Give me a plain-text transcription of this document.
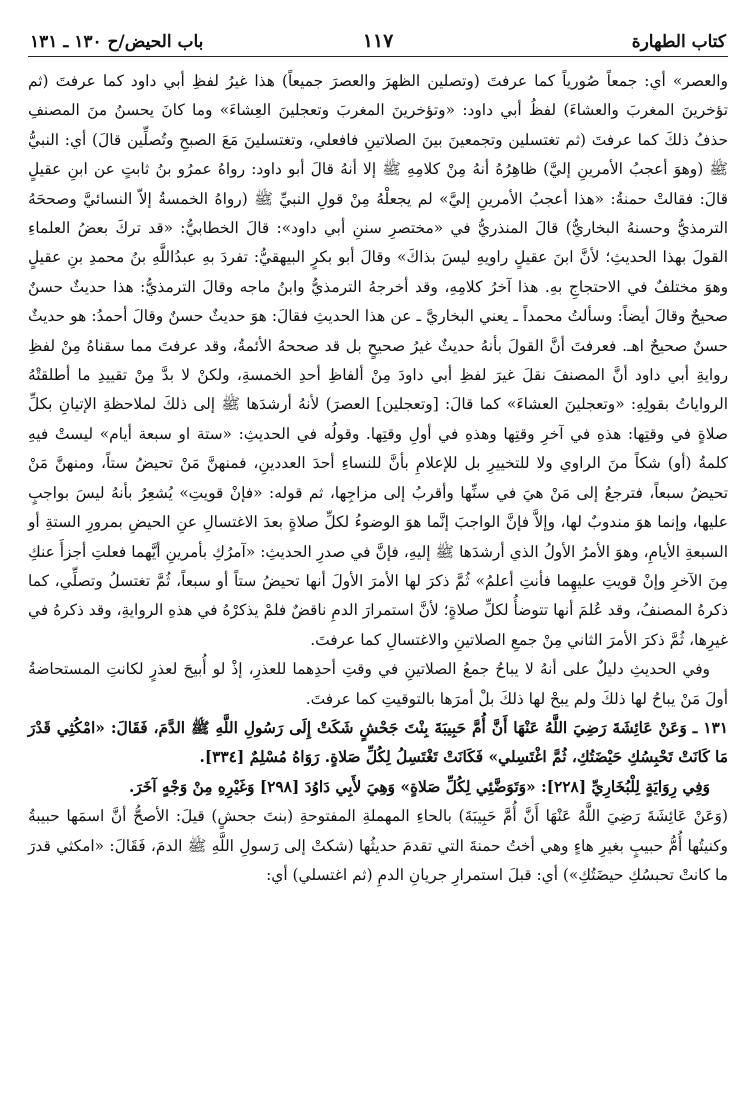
كتاب الطهارة
١١٧
باب الحيض/ح ١٣٠ ـ ١٣١

والعصر» أي: جمعاً صُورياً كما عرفتَ (وتصلين الظهرَ والعصرَ جميعاً) هذا غيرُ لفظِ أبي داود كما عرفتَ (ثم تؤخرينَ المغربَ والعشاءَ) لفظُ أبي داود: «وتؤخرينَ المغربَ وتعجلينَ العِشاءَ» وما كانَ يحسنُ منَ المصنفِ حذفُ ذلكَ كما عرفتَ (ثم تغتسلين وتجمعينَ بينَ الصلاتينِ فافعلي، وتغتسلينَ مَعَ الصبحِ وتُصلِّين قالَ) أي: النبيُّ ﷺ (وهوَ أعجبُ الأمرينِ إليَّ) ظاهِرُهُ أنهُ مِنْ كلامِهِ ﷺ إلا أنهُ قالَ أبو داود: رواهُ عمرُو بنُ ثابتٍ عن ابنِ عقيلٍ قالَ: فقالتْ حمنةُ: «هذا أعجبُ الأمرينِ إليَّ» لم يجعلْهُ مِنْ قولِ النبيِّ ﷺ (رواهُ الخمسةُ إلاّ النسائيَّ وصححَهُ الترمذيُّ وحسنهُ البخاريُّ) قالَ المنذريُّ في «مختصرِ سننِ أبي داود»: قالَ الخطابيُّ: «قد تركَ بعضُ العلماءِ القولَ بهذا الحديثِ؛ لأنَّ ابنَ عقيلٍ راويهِ ليسَ بذاكَ» وقالَ أبو بكرٍ البيهقيُّ: تفردَ بهِ عبدُاللَّهِ بنُ محمدِ بنِ عقيلٍ وهوَ مختلفٌ في الاحتجاجِ بهِ. هذا آخرُ كلامِهِ، وقد أخرجهُ الترمذيُّ وابنُ ماجه وقالَ الترمذيُّ: هذا حديثٌ حسنٌ صحيحٌ وقالَ أيضاً: وسألتُ محمداً ـ يعني البخاريَّ ـ عن هذا الحديثِ فقالَ: هوَ حديثٌ حسنٌ وقالَ أحمدُ: هو حديثٌ حسنٌ صحيحٌ اهـ. فعرفتَ أنَّ القولَ بأنهُ حديثٌ غيرُ صحيحٍ بل قد صححهُ الأئمةُ، وقد عرفتَ مما سقناهُ مِنْ لفظِ روايةِ أبي داود أنَّ المصنفَ نقلَ غيرَ لفظِ أبي داودَ مِنْ ألفاظِ أحدِ الخمسةِ، ولكنْ لا بدَّ مِنْ تقييدِ ما أطلقتْهُ الرواياتُ بقولِهِ: «وتعجلينَ العشاءَ» كما قالَ: [وتعجلين] العصرَ) لأنهُ أرشدَها ﷺ إلى ذلكَ لملاحظةِ الإتيانِ بكلِّ صلاةٍ في وقتِها: هذهِ في آخرِ وقتِها وهذهِ في أولِ وقتِها. وقولُه في الحديثِ: «ستة او سبعة أيام» ليستْ فيهِ كلمةُ (أو) شكاً منَ الراوي ولا للتخييرِ بل للإعلامِ بأنَّ للنساءِ أحدَ العددينِ، فمنهنَّ مَنْ تحيضُ ستاً، ومنهنَّ مَنْ تحيضُ سبعاً، فترجعُ إلى مَنْ هيَ في سنِّها وأقربُ إلى مزاجِها، ثم قوله: «فإنْ قويتِ» يُشعِرُ بأنهُ ليسَ بواجبٍ عليها، وإنما هوَ مندوبٌ لها، وإلاَّ فإنَّ الواجبَ إنَّما هوَ الوضوءُ لكلِّ صلاةٍ بعدَ الاغتسالِ عنِ الحيضِ بمرورِ الستةِ أو السبعةِ الأيامِ، وهوَ الأمرُ الأولُ الذي أرشدَها ﷺ إليهِ، فإنَّ في صدرِ الحديثِ: «آمرُكِ بأمرينِ أيَّهما فعلتِ أجزأَ عنكِ مِنَ الآخرِ وإنْ قويتِ عليهِما فأنتِ أعلمُ» ثُمَّ ذكرَ لها الأمرَ الأولَ أنها تحيضُ ستاً أو سبعاً، ثُمَّ تغتسلُ وتصلِّي، كما ذكرهُ المصنفُ، وقد عُلمَ أنها تتوضأُ لكلِّ صلاةٍ؛ لأنَّ استمرارَ الدمِ ناقضٌ فلمْ يذكرْهُ في هذهِ الروايةِ، وقد ذكرهُ في غيرِها، ثُمَّ ذكرَ الأمرَ الثاني مِنْ جمعِ الصلاتينِ والاغتسالِ كما عرفتَ.

وفي الحديثِ دليلٌ على أنهُ لا يباحُ جمعُ الصلاتينِ في وقتِ أحدِهما للعذرِ، إذْ لو أُبيحَ لعذرٍ لكانتِ المستحاضةُ أولَ مَنْ يباحُ لها ذلكَ ولم يبحْ لها ذلكَ بلْ أمرَها بالتوقيتِ كما عرفتَ.

١٣١ ـ وَعَنْ عَائِشَةَ رَضِيَ اللَّهُ عَنْهَا أَنَّ أُمَّ حَبِيبَةَ بِنْتَ جَحْشٍ شَكَتْ إِلَى رَسُولِ اللَّهِ ﷺ الدَّمَ، فَقَالَ: «امْكُثِي قَدْرَ مَا كَانَتْ تَحْبِسُكِ حَيْضَتُكِ، ثُمَّ اغْتَسِلي» فَكَانَتْ تَغْتَسِلُ لِكُلِّ صَلاةٍ. رَوَاهُ مُسْلِمٌ [٣٣٤].

وَفِي رِوَايَةٍ لِلْبُخَارِيِّ [٢٢٨]: «وَتَوَضَّئِي لِكُلِّ صَلاةٍ» وَهِيَ لأَبِي دَاوُدَ [٢٩٨] وَغَيْرِهِ مِنْ وَجْهٍ آخَرَ.

(وَعَنْ عَائِشَةَ رَضِيَ اللَّهُ عَنْهَا أَنَّ أُمَّ حَبِيبَةَ) بالحاءِ المهملةِ المفتوحةِ (بنتَ جحشٍ) قيلَ: الأصحُّ أنَّ اسمَها حبيبةُ وكنيتُها أُمُّ حبيبٍ بغيرِ هاءٍ وهي أختُ حمنةَ التي تقدمَ حديثُها (شكتْ إلى رَسولِ اللَّهِ ﷺ الدمَ، فَقَالَ: «امكثي قدرَ ما كانتْ تحبسُكِ حيضَتُكِ») أي: قبلَ استمرارِ جريانِ الدمِ (ثم اغتسلي) أي:
